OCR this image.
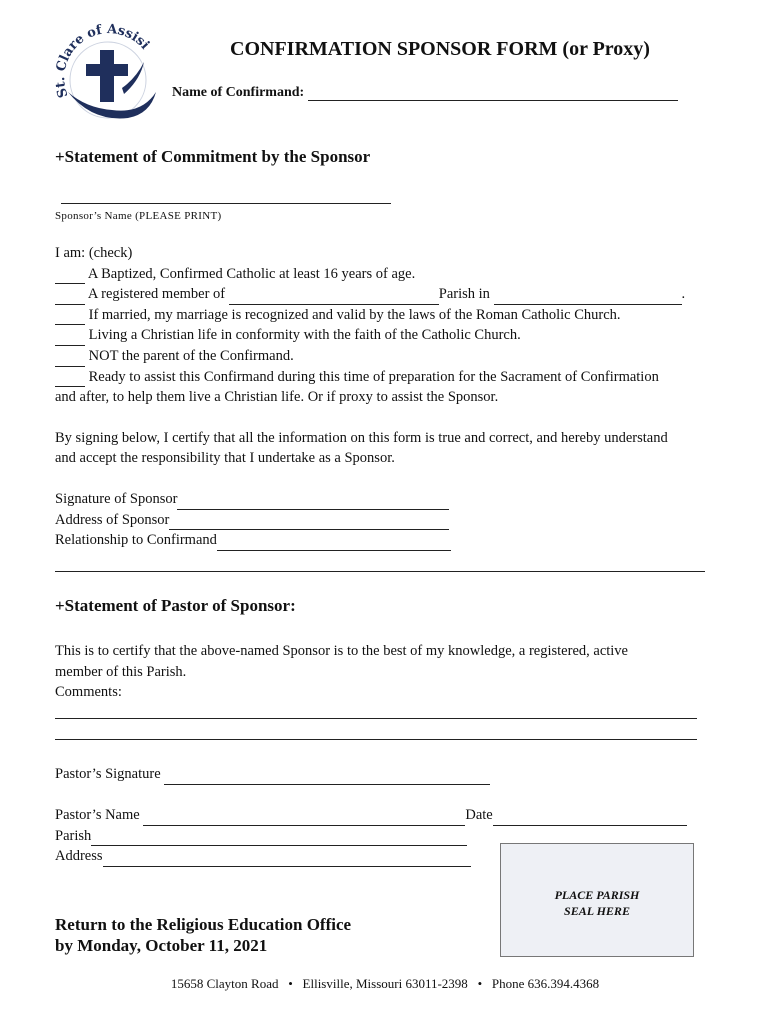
St. Clare of Assisi	CONFIRMATION SPONSOR FORM (or Proxy)
Name of Confirmand:
+Statement of Commitment by the Sponsor
Sponsor’s Name (PLEASE PRINT)
I am: (check)
A Baptized, Confirmed Catholic at least 16 years of age.
A registered member of	Parish in	.
If married, my marriage is recognized and valid by the laws of the Roman Catholic Church.
Living a Christian life in conformity with the faith of the Catholic Church.
NOT the parent of the Confirmand.
Ready to assist this Confirmand during this time of preparation for the Sacrament of Confirmation
and after, to help them live a Christian life. Or if proxy to assist the Sponsor.
By signing below, I certify that all the information on this form is true and correct, and hereby understand
and accept the responsibility that I undertake as a Sponsor.
Signature of Sponsor
Address of Sponsor
Relationship to Confirmand
+Statement of Pastor of Sponsor:
This is to certify that the above-named Sponsor is to the best of my knowledge, a registered, active
member of this Parish.
Comments:
Pastor’s Signature
Pastor’s Name	Date
Parish
Address
PLACE PARISH
SEAL HERE
Return to the Religious Education Office
by Monday, October 11, 2021
15658 Clayton Road • Ellisville, Missouri 63011-2398 • Phone 636.394.4368
